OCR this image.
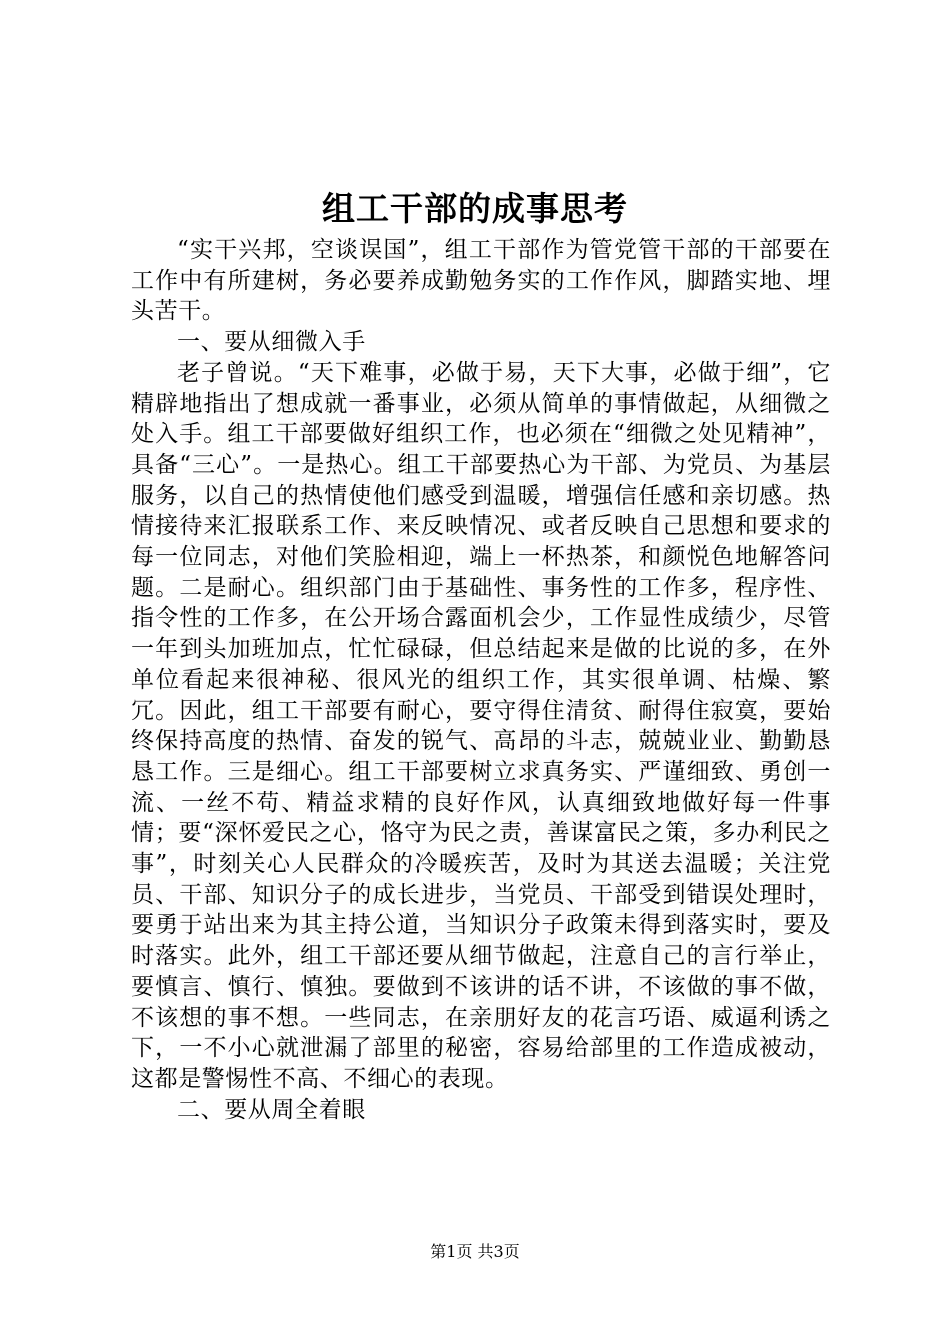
组工干部的成事思考

“实干兴邦，空谈误国”，组工干部作为管党管干部的干部要在工作中有所建树，务必要养成勤勉务实的工作作风，脚踏实地、埋头苦干。

一、要从细微入手

老子曾说。“天下难事，必做于易，天下大事，必做于细”，它精辟地指出了想成就一番事业，必须从简单的事情做起，从细微之处入手。组工干部要做好组织工作，也必须在“细微之处见精神”，具备“三心”。一是热心。组工干部要热心为干部、为党员、为基层服务，以自己的热情使他们感受到温暖，增强信任感和亲切感。热情接待来汇报联系工作、来反映情况、或者反映自己思想和要求的每一位同志，对他们笑脸相迎，端上一杯热茶，和颜悦色地解答问题。二是耐心。组织部门由于基础性、事务性的工作多，程序性、指令性的工作多，在公开场合露面机会少，工作显性成绩少，尽管一年到头加班加点，忙忙碌碌，但总结起来是做的比说的多，在外单位看起来很神秘、很风光的组织工作，其实很单调、枯燥、繁冗。因此，组工干部要有耐心，要守得住清贫、耐得住寂寞，要始终保持高度的热情、奋发的锐气、高昂的斗志，兢兢业业、勤勤恳恳工作。三是细心。组工干部要树立求真务实、严谨细致、勇创一流、一丝不苟、精益求精的良好作风，认真细致地做好每一件事情；要“深怀爱民之心，恪守为民之责，善谋富民之策，多办利民之事”，时刻关心人民群众的冷暖疾苦，及时为其送去温暖；关注党员、干部、知识分子的成长进步，当党员、干部受到错误处理时，要勇于站出来为其主持公道，当知识分子政策未得到落实时，要及时落实。此外，组工干部还要从细节做起，注意自己的言行举止，要慎言、慎行、慎独。要做到不该讲的话不讲，不该做的事不做，不该想的事不想。一些同志，在亲朋好友的花言巧语、威逼利诱之下，一不小心就泄漏了部里的秘密，容易给部里的工作造成被动，这都是警惕性不高、不细心的表现。

二、要从周全着眼

第1页 共3页
